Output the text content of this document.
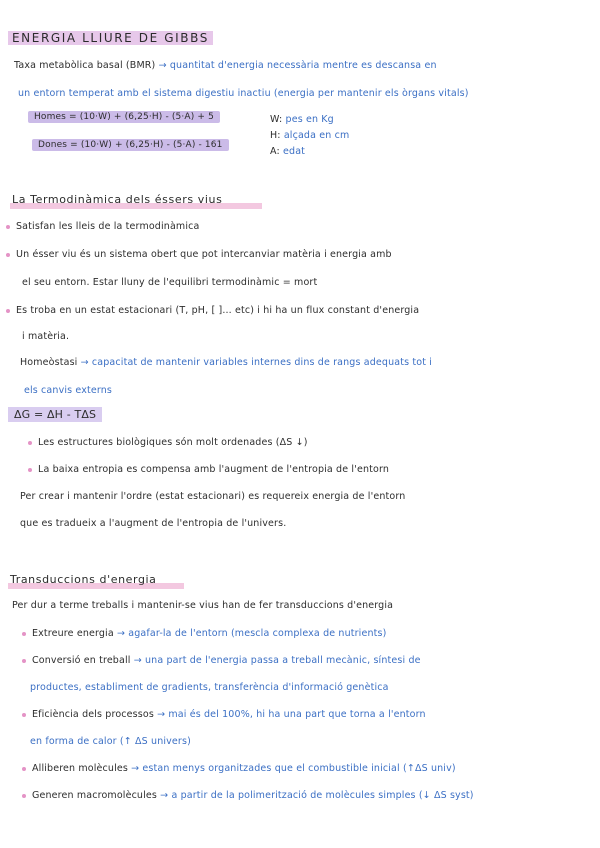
ENERGIA LLIURE DE GIBBS
Taxa metabòlica basal (BMR) → quantitat d'energia necessària mentre es descansa en
un entorn temperat amb el sistema digestiu inactiu (energia per mantenir els òrgans vitals)
Homes = (10·W) + (6,25·H) - (5·A) + 5
Dones = (10·W) + (6,25·H) - (5·A) - 161
W: pes en Kg
H: alçada en cm
A: edat
La Termodinàmica dels éssers vius
Satisfan les lleis de la termodinàmica
Un ésser viu és un sistema obert que pot intercanviar matèria i energia amb
el seu entorn. Estar lluny de l'equilibri termodinàmic = mort
Es troba en un estat estacionari (T, pH, [ ]... etc) i hi ha un flux constant d'energia
i matèria.
Homeòstasi → capacitat de mantenir variables internes dins de rangs adequats tot i
els canvis externs
ΔG = ΔH - TΔS
Les estructures biològiques són molt ordenades (ΔS ↓)
La baixa entropia es compensa amb l'augment de l'entropia de l'entorn
Per crear i mantenir l'ordre (estat estacionari) es requereix energia de l'entorn
que es tradueix a l'augment de l'entropia de l'univers.
Transduccions d'energia
Per dur a terme treballs i mantenir-se vius han de fer transduccions d'energia
Extreure energia → agafar-la de l'entorn (mescla complexa de nutrients)
Conversió en treball → una part de l'energia passa a treball mecànic, síntesi de
productes, establiment de gradients, transferència d'informació genètica
Eficiència dels processos → mai és del 100%, hi ha una part que torna a l'entorn
en forma de calor (↑ ΔS univers)
Alliberen molècules → estan menys organitzades que el combustible inicial (↑ΔS univ)
Generen macromolècules → a partir de la polimerització de molècules simples (↓ ΔS syst)
